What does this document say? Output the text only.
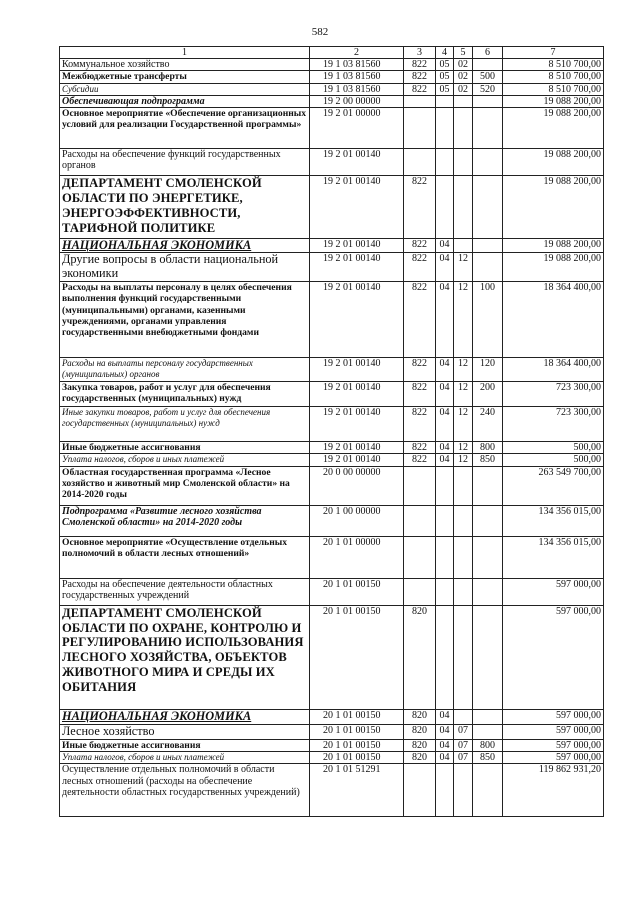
582
1	2	3	4	5	6	7
Коммунальное хозяйство	19 1 03 81560	822	05	02		8 510 700,00
Межбюджетные трансферты	19 1 03 81560	822	05	02	500	8 510 700,00
Субсидии	19 1 03 81560	822	05	02	520	8 510 700,00
Обеспечивающая подпрограмма	19 2 00 00000					19 088 200,00
Основное мероприятие «Обеспечение организационных условий для реализации Государственной программы»	19 2 01 00000					19 088 200,00
Расходы на обеспечение функций государственных органов	19 2 01 00140					19 088 200,00
ДЕПАРТАМЕНТ СМОЛЕНСКОЙ ОБЛАСТИ ПО ЭНЕРГЕТИКЕ, ЭНЕРГОЭФФЕКТИВНОСТИ, ТАРИФНОЙ ПОЛИТИКЕ	19 2 01 00140	822				19 088 200,00
НАЦИОНАЛЬНАЯ ЭКОНОМИКА	19 2 01 00140	822	04			19 088 200,00
Другие вопросы в области национальной экономики	19 2 01 00140	822	04	12		19 088 200,00
Расходы на выплаты персоналу в целях обеспечения выполнения функций государственными (муниципальными) органами, казенными учреждениями, органами управления государственными внебюджетными фондами	19 2 01 00140	822	04	12	100	18 364 400,00
Расходы на выплаты персоналу государственных (муниципальных) органов	19 2 01 00140	822	04	12	120	18 364 400,00
Закупка товаров, работ и услуг для обеспечения государственных (муниципальных) нужд	19 2 01 00140	822	04	12	200	723 300,00
Иные закупки товаров, работ и услуг для обеспечения государственных (муниципальных) нужд	19 2 01 00140	822	04	12	240	723 300,00
Иные бюджетные ассигнования	19 2 01 00140	822	04	12	800	500,00
Уплата налогов, сборов и иных платежей	19 2 01 00140	822	04	12	850	500,00
Областная государственная программа «Лесное хозяйство и животный мир Смоленской области» на 2014-2020 годы	20 0 00 00000					263 549 700,00
Подпрограмма «Развитие лесного хозяйства Смоленской области» на 2014-2020 годы	20 1 00 00000					134 356 015,00
Основное мероприятие «Осуществление отдельных полномочий в области лесных отношений»	20 1 01 00000					134 356 015,00
Расходы на обеспечение деятельности областных государственных учреждений	20 1 01 00150					597 000,00
ДЕПАРТАМЕНТ СМОЛЕНСКОЙ ОБЛАСТИ ПО ОХРАНЕ, КОНТРОЛЮ И РЕГУЛИРОВАНИЮ ИСПОЛЬЗОВАНИЯ ЛЕСНОГО ХОЗЯЙСТВА, ОБЪЕКТОВ ЖИВОТНОГО МИРА И СРЕДЫ ИХ ОБИТАНИЯ	20 1 01 00150	820				597 000,00
НАЦИОНАЛЬНАЯ ЭКОНОМИКА	20 1 01 00150	820	04			597 000,00
Лесное хозяйство	20 1 01 00150	820	04	07		597 000,00
Иные бюджетные ассигнования	20 1 01 00150	820	04	07	800	597 000,00
Уплата налогов, сборов и иных платежей	20 1 01 00150	820	04	07	850	597 000,00
Осуществление отдельных полномочий в области лесных отношений (расходы на обеспечение деятельности областных государственных учреждений)	20 1 01 51291					119 862 931,20
